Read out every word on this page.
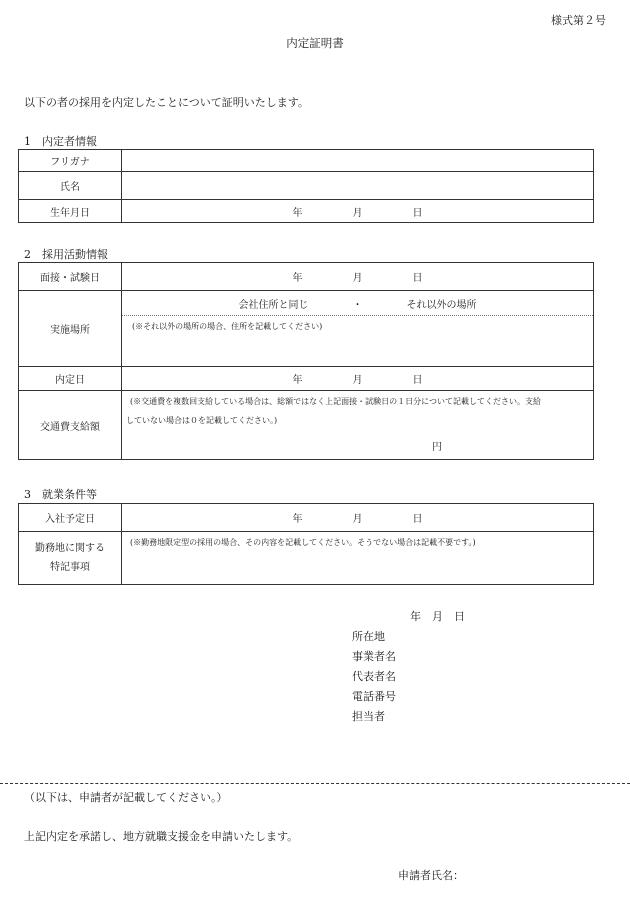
様式第２号
内定証明書
以下の者の採用を内定したことについて証明いたします。
1　内定者情報
フリガナ	
氏名	
生年月日	年 月 日
2　採用活動情報
面接・試験日	年 月 日

実施場所	会社住所と同じ ・ それ以外の場所
(※それ以外の場所の場合、住所を記載してください)

内定日	年 月 日

交通費支給額	(※交通費を複数回支給している場合は、総額ではなく上記面接・試験日の１日分について記載してください。支給
していない場合は０を記載してください。)
円
3　就業条件等
入社予定日	年 月 日

勤務地に関する
特記事項	(※勤務地限定型の採用の場合、その内容を記載してください。そうでない場合は記載不要です。)
年　月　日
所在地
事業者名
代表者名
電話番号
担当者
（以下は、申請者が記載してください。）
上記内定を承諾し、地方就職支援金を申請いたします。
申請者氏名：
